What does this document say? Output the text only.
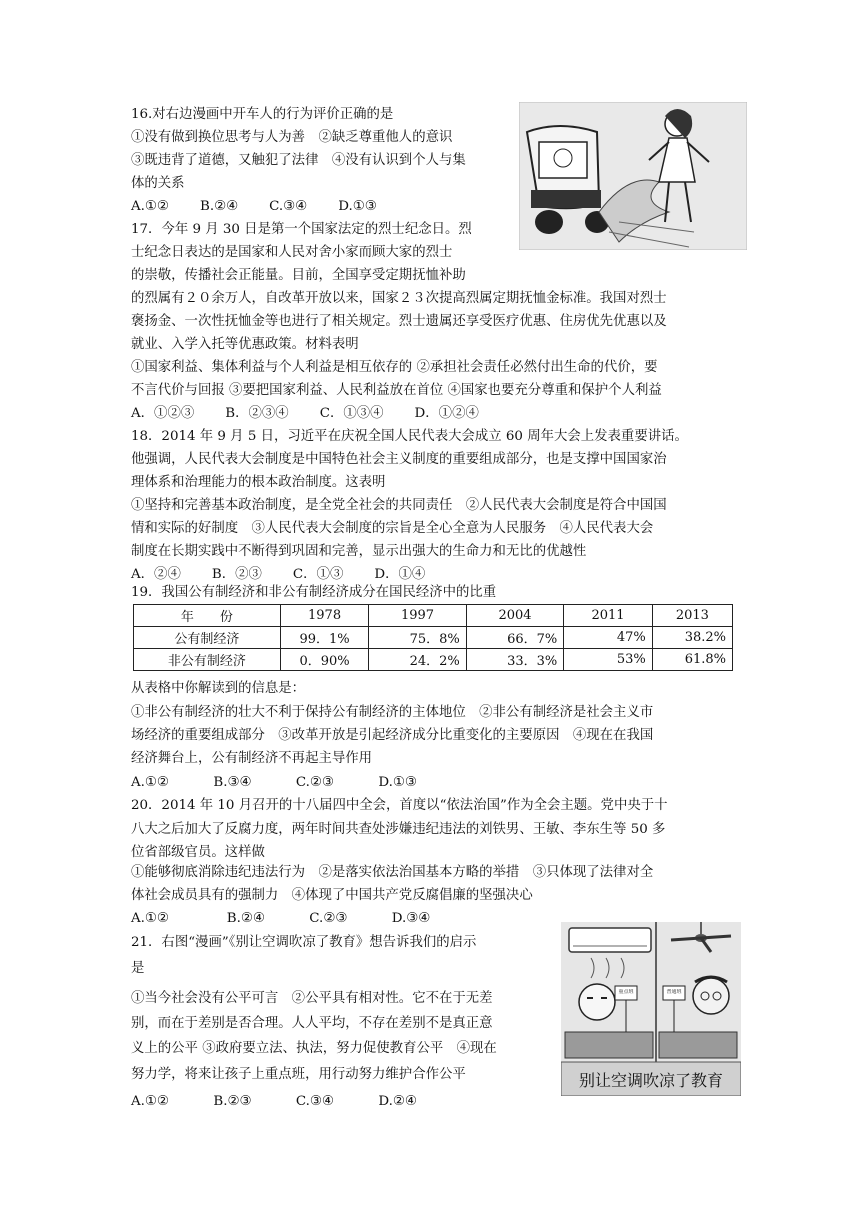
16.对右边漫画中开车人的行为评价正确的是
①没有做到换位思考与人为善　②缺乏尊重他人的意识
③既违背了道德，又触犯了法律　④没有认识到个人与集
体的关系
A.①②　　 B.②④　　 C.③④　　 D.①③
17．今年 9 月 30 日是第一个国家法定的烈士纪念日。烈
士纪念日表达的是国家和人民对舍小家而顾大家的烈士
的崇敬，传播社会正能量。目前，全国享受定期抚恤补助
的烈属有２０余万人，自改革开放以来，国家２３次提高烈属定期抚恤金标准。我国对烈士
褒扬金、一次性抚恤金等也进行了相关规定。烈士遗属还享受医疗优惠、住房优先优惠以及
就业、入学入托等优惠政策。材料表明
①国家利益、集体利益与个人利益是相互依存的 ②承担社会责任必然付出生命的代价，要
不言代价与回报 ③要把国家利益、人民利益放在首位 ④国家也要充分尊重和保护个人利益
A．①②③　　 B．②③④　　 C．①③④　　 D．①②④
18．2014 年 9 月 5 日，习近平在庆祝全国人民代表大会成立 60 周年大会上发表重要讲话。
他强调，人民代表大会制度是中国特色社会主义制度的重要组成部分，也是支撑中国国家治
理体系和治理能力的根本政治制度。这表明
①坚持和完善基本政治制度，是全党全社会的共同责任　②人民代表大会制度是符合中国国
情和实际的好制度　③人民代表大会制度的宗旨是全心全意为人民服务　④人民代表大会
制度在长期实践中不断得到巩固和完善，显示出强大的生命力和无比的优越性
A．②④　　 B．②③　　 C．①③　　 D．①④
19．我国公有制经济和非公有制经济成分在国民经济中的比重
年　　份	1978	1997	2004	2011	2013
公有制经济	99．1%	75．8%	66．7%	47%	38.2%
非公有制经济	0．90%	24．2%	33．3%	53%	61.8%
从表格中你解读到的信息是：
①非公有制经济的壮大不利于保持公有制经济的主体地位　②非公有制经济是社会主义市
场经济的重要组成部分　③改革开放是引起经济成分比重变化的主要原因　④现在在我国
经济舞台上，公有制经济不再起主导作用
A.①②　　　 B.③④　　　 C.②③　　　 D.①③
20．2014 年 10 月召开的十八届四中全会，首度以“依法治国”作为全会主题。党中央于十
八大之后加大了反腐力度，两年时间共查处涉嫌违纪违法的刘铁男、王敏、李东生等 50 多
位省部级官员。这样做
①能够彻底消除违纪违法行为　②是落实依法治国基本方略的举措　③只体现了法律对全
体社会成员具有的强制力　④体现了中国共产党反腐倡廉的坚强决心
A.①②　　　　 B.②④　　　 C.②③　　　 D.③④
21．右图“漫画”《别让空调吹凉了教育》想告诉我们的启示
是
①当今社会没有公平可言　②公平具有相对性。它不在于无差
别，而在于差别是否合理。人人平均，不存在差别不是真正意
义上的公平 ③政府要立法、执法，努力促使教育公平　④现在
努力学，将来让孩子上重点班，用行动努力维护合作公平
A.①②　　　 B.②③　　　 C.③④　　　 D.②④
重点班	普通班
别让空调吹凉了教育
